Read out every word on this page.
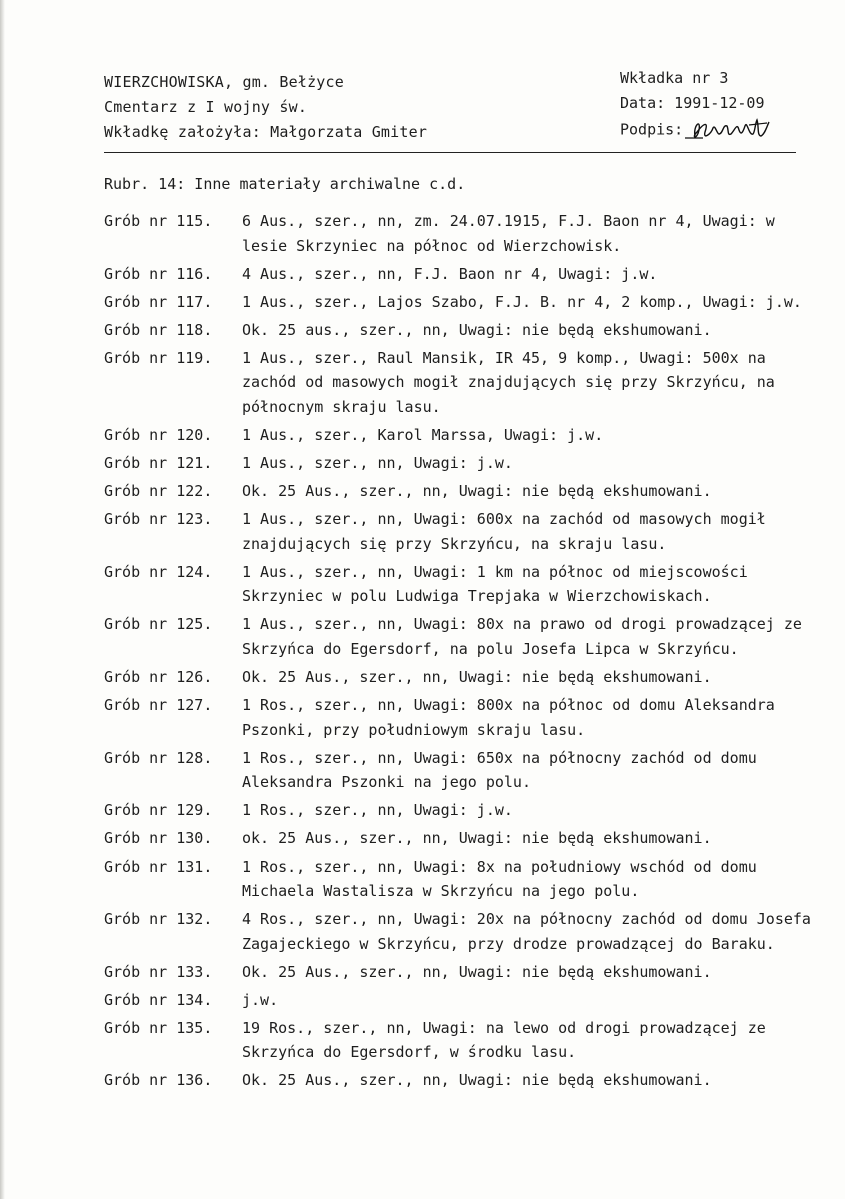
WIERZCHOWISKA, gm. Bełżyce
Cmentarz z I wojny św.
Wkładkę założyła: Małgorzata Gmiter
Wkładka nr 3
Data: 1991-12-09
Podpis:
Rubr. 14: Inne materiały archiwalne c.d.
Grób nr 115.	6 Aus., szer., nn, zm. 24.07.1915, F.J. Baon nr 4, Uwagi: w lesie Skrzyniec na północ od Wierzchowisk.
Grób nr 116.	4 Aus., szer., nn, F.J. Baon nr 4, Uwagi: j.w.
Grób nr 117.	1 Aus., szer., Lajos Szabo, F.J. B. nr 4, 2 komp., Uwagi: j.w.
Grób nr 118.	Ok. 25 aus., szer., nn, Uwagi: nie będą ekshumowani.
Grób nr 119.	1 Aus., szer., Raul Mansik, IR 45, 9 komp., Uwagi: 500x na zachód od masowych mogił znajdujących się przy Skrzyńcu, na północnym skraju lasu.
Grób nr 120.	1 Aus., szer., Karol Marssa, Uwagi: j.w.
Grób nr 121.	1 Aus., szer., nn, Uwagi: j.w.
Grób nr 122.	Ok. 25 Aus., szer., nn, Uwagi: nie będą ekshumowani.
Grób nr 123.	1 Aus., szer., nn, Uwagi: 600x na zachód od masowych mogił znajdujących się przy Skrzyńcu, na skraju lasu.
Grób nr 124.	1 Aus., szer., nn, Uwagi: 1 km na północ od miejscowości Skrzyniec w polu Ludwiga Trepjaka w Wierzchowiskach.
Grób nr 125.	1 Aus., szer., nn, Uwagi: 80x na prawo od drogi prowadzącej ze Skrzyńca do Egersdorf, na polu Josefa Lipca w Skrzyńcu.
Grób nr 126.	Ok. 25 Aus., szer., nn, Uwagi: nie będą ekshumowani.
Grób nr 127.	1 Ros., szer., nn, Uwagi: 800x na północ od domu Aleksandra Pszonki, przy południowym skraju lasu.
Grób nr 128.	1 Ros., szer., nn, Uwagi: 650x na północny zachód od domu Aleksandra Pszonki na jego polu.
Grób nr 129.	1 Ros., szer., nn, Uwagi: j.w.
Grób nr 130.	ok. 25 Aus., szer., nn, Uwagi: nie będą ekshumowani.
Grób nr 131.	1 Ros., szer., nn, Uwagi: 8x na południowy wschód od domu Michaela Wastalisza w Skrzyńcu na jego polu.
Grób nr 132.	4 Ros., szer., nn, Uwagi: 20x na północny zachód od domu Josefa Zagajeckiego w Skrzyńcu, przy drodze prowadzącej do Baraku.
Grób nr 133.	Ok. 25 Aus., szer., nn, Uwagi: nie będą ekshumowani.
Grób nr 134.	j.w.
Grób nr 135.	19 Ros., szer., nn, Uwagi: na lewo od drogi prowadzącej ze Skrzyńca do Egersdorf, w środku lasu.
Grób nr 136.	Ok. 25 Aus., szer., nn, Uwagi: nie będą ekshumowani.
